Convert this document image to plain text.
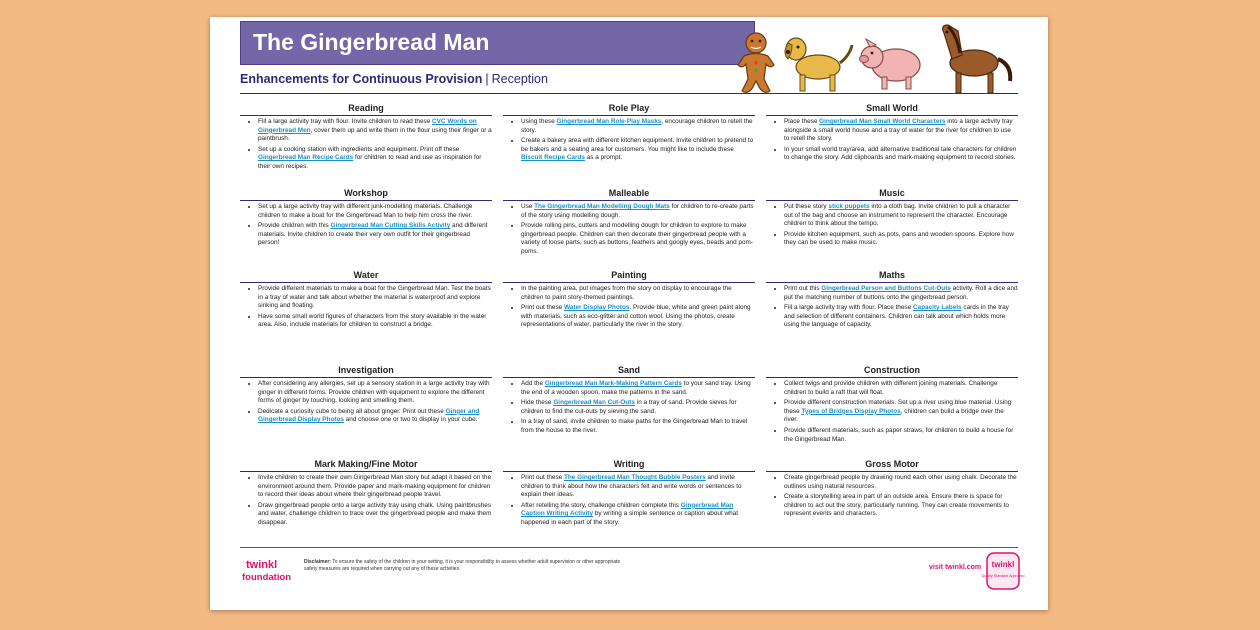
The Gingerbread Man
Enhancements for Continuous Provision | Reception
Reading
• Fill a large activity tray with flour. Invite children to read these CVC Words on Gingerbread Men, cover them up and write them in the flour using their finger or a paintbrush.
• Set up a cooking station with ingredients and equipment. Print off these Gingerbread Man Recipe Cards for children to read and use as inspiration for their own recipes.
Role Play
• Using these Gingerbread Man Role-Play Masks, encourage children to retell the story.
• Create a bakery area with different kitchen equipment. Invite children to pretend to be bakers and a seating area for customers. You might like to include these Biscuit Recipe Cards as a prompt.
Small World
• Place these Gingerbread Man Small World Characters into a large activity tray alongside a small world house and a tray of water for the river for children to use to retell the story.
• In your small world tray/area, add alternative traditional tale characters for children to change the story. Add clipboards and mark-making equipment to record stories.
Workshop
• Set up a large activity tray with different junk-modelling materials. Challenge children to make a boat for the Gingerbread Man to help him cross the river.
• Provide children with this Gingerbread Man Cutting Skills Activity and different materials. Invite children to create their very own outfit for their gingerbread person!
Malleable
• Use The Gingerbread Man Modelling Dough Mats for children to re-create parts of the story using modelling dough.
• Provide rolling pins, cutters and modelling dough for children to explore to make gingerbread people. Children can then decorate their gingerbread people with a variety of loose parts, such as buttons, feathers and googly eyes, beads and pom-poms.
Music
• Put these story stick puppets into a cloth bag. Invite children to pull a character out of the bag and choose an instrument to represent the character. Encourage children to think about the tempo.
• Provide kitchen equipment, such as pots, pans and wooden spoons. Explore how they can be used to make music.
Water
• Provide different materials to make a boat for the Gingerbread Man. Test the boats in a tray of water and talk about whether the material is waterproof and explore sinking and floating.
• Have some small world figures of characters from the story available in the water area. Also, include materials for children to construct a bridge.
Painting
• In the painting area, put images from the story on display to encourage the children to paint story-themed paintings.
• Print out these Water Display Photos. Provide blue, white and green paint along with materials, such as eco-glitter and cotton wool. Using the photos, create representations of water, particularly the river in the story.
Maths
• Print out this Gingerbread Person and Buttons Cut-Outs activity. Roll a dice and put the matching number of buttons onto the gingerbread person.
• Fill a large activity tray with flour. Place these Capacity Labels cards in the tray and selection of different containers. Children can talk about which holds more using the language of capacity.
Investigation
• After considering any allergies, set up a sensory station in a large activity tray with ginger in different forms. Provide children with equipment to explore the different forms of ginger by touching, looking and smelling them.
• Dedicate a curiosity cube to being all about ginger. Print out these Ginger and Gingerbread Display Photos and choose one or two to display in your cube.
Sand
• Add the Gingerbread Man Mark-Making Pattern Cards to your sand tray. Using the end of a wooden spoon, make the patterns in the sand.
• Hide these Gingerbread Man Cut-Outs in a tray of sand. Provide sieves for children to find the cut-outs by sieving the sand.
• In a tray of sand, invite children to make paths for the Gingerbread Man to travel from the house to the river.
Construction
• Collect twigs and provide children with different joining materials. Challenge children to build a raft that will float.
• Provide different construction materials. Set up a river using blue material. Using these Types of Bridges Display Photos, children can build a bridge over the river.
• Provide different materials, such as paper straws, for children to build a house for the Gingerbread Man.
Mark Making/Fine Motor
• Invite children to create their own Gingerbread Man story but adapt it based on the environment around them. Provide paper and mark-making equipment for children to record their ideas about where their gingerbread people travel.
• Draw gingerbread people onto a large activity tray using chalk. Using paintbrushes and water, challenge children to trace over the gingerbread people and make them disappear.
Writing
• Print out these The Gingerbread Man Thought Bubble Posters and invite children to think about how the characters felt and write words or sentences to explain their ideas.
• After retelling the story, challenge children complete this Gingerbread Man Caption Writing Activity by writing a simple sentence or caption about what happened in each part of the story.
Gross Motor
• Create gingerbread people by drawing round each other using chalk. Decorate the outlines using natural resources.
• Create a storytelling area in part of an outside area. Ensure there is space for children to act out the story, particularly running. They can create movements to represent events and characters.
twinkl
foundation
Disclaimer: To ensure the safety of the children in your setting, it is your responsibility to assess whether adult supervision or other appropriate safety measures are required when carrying out any of these activities.	visit twinkl.com twinkl
Quality Standard Approved
